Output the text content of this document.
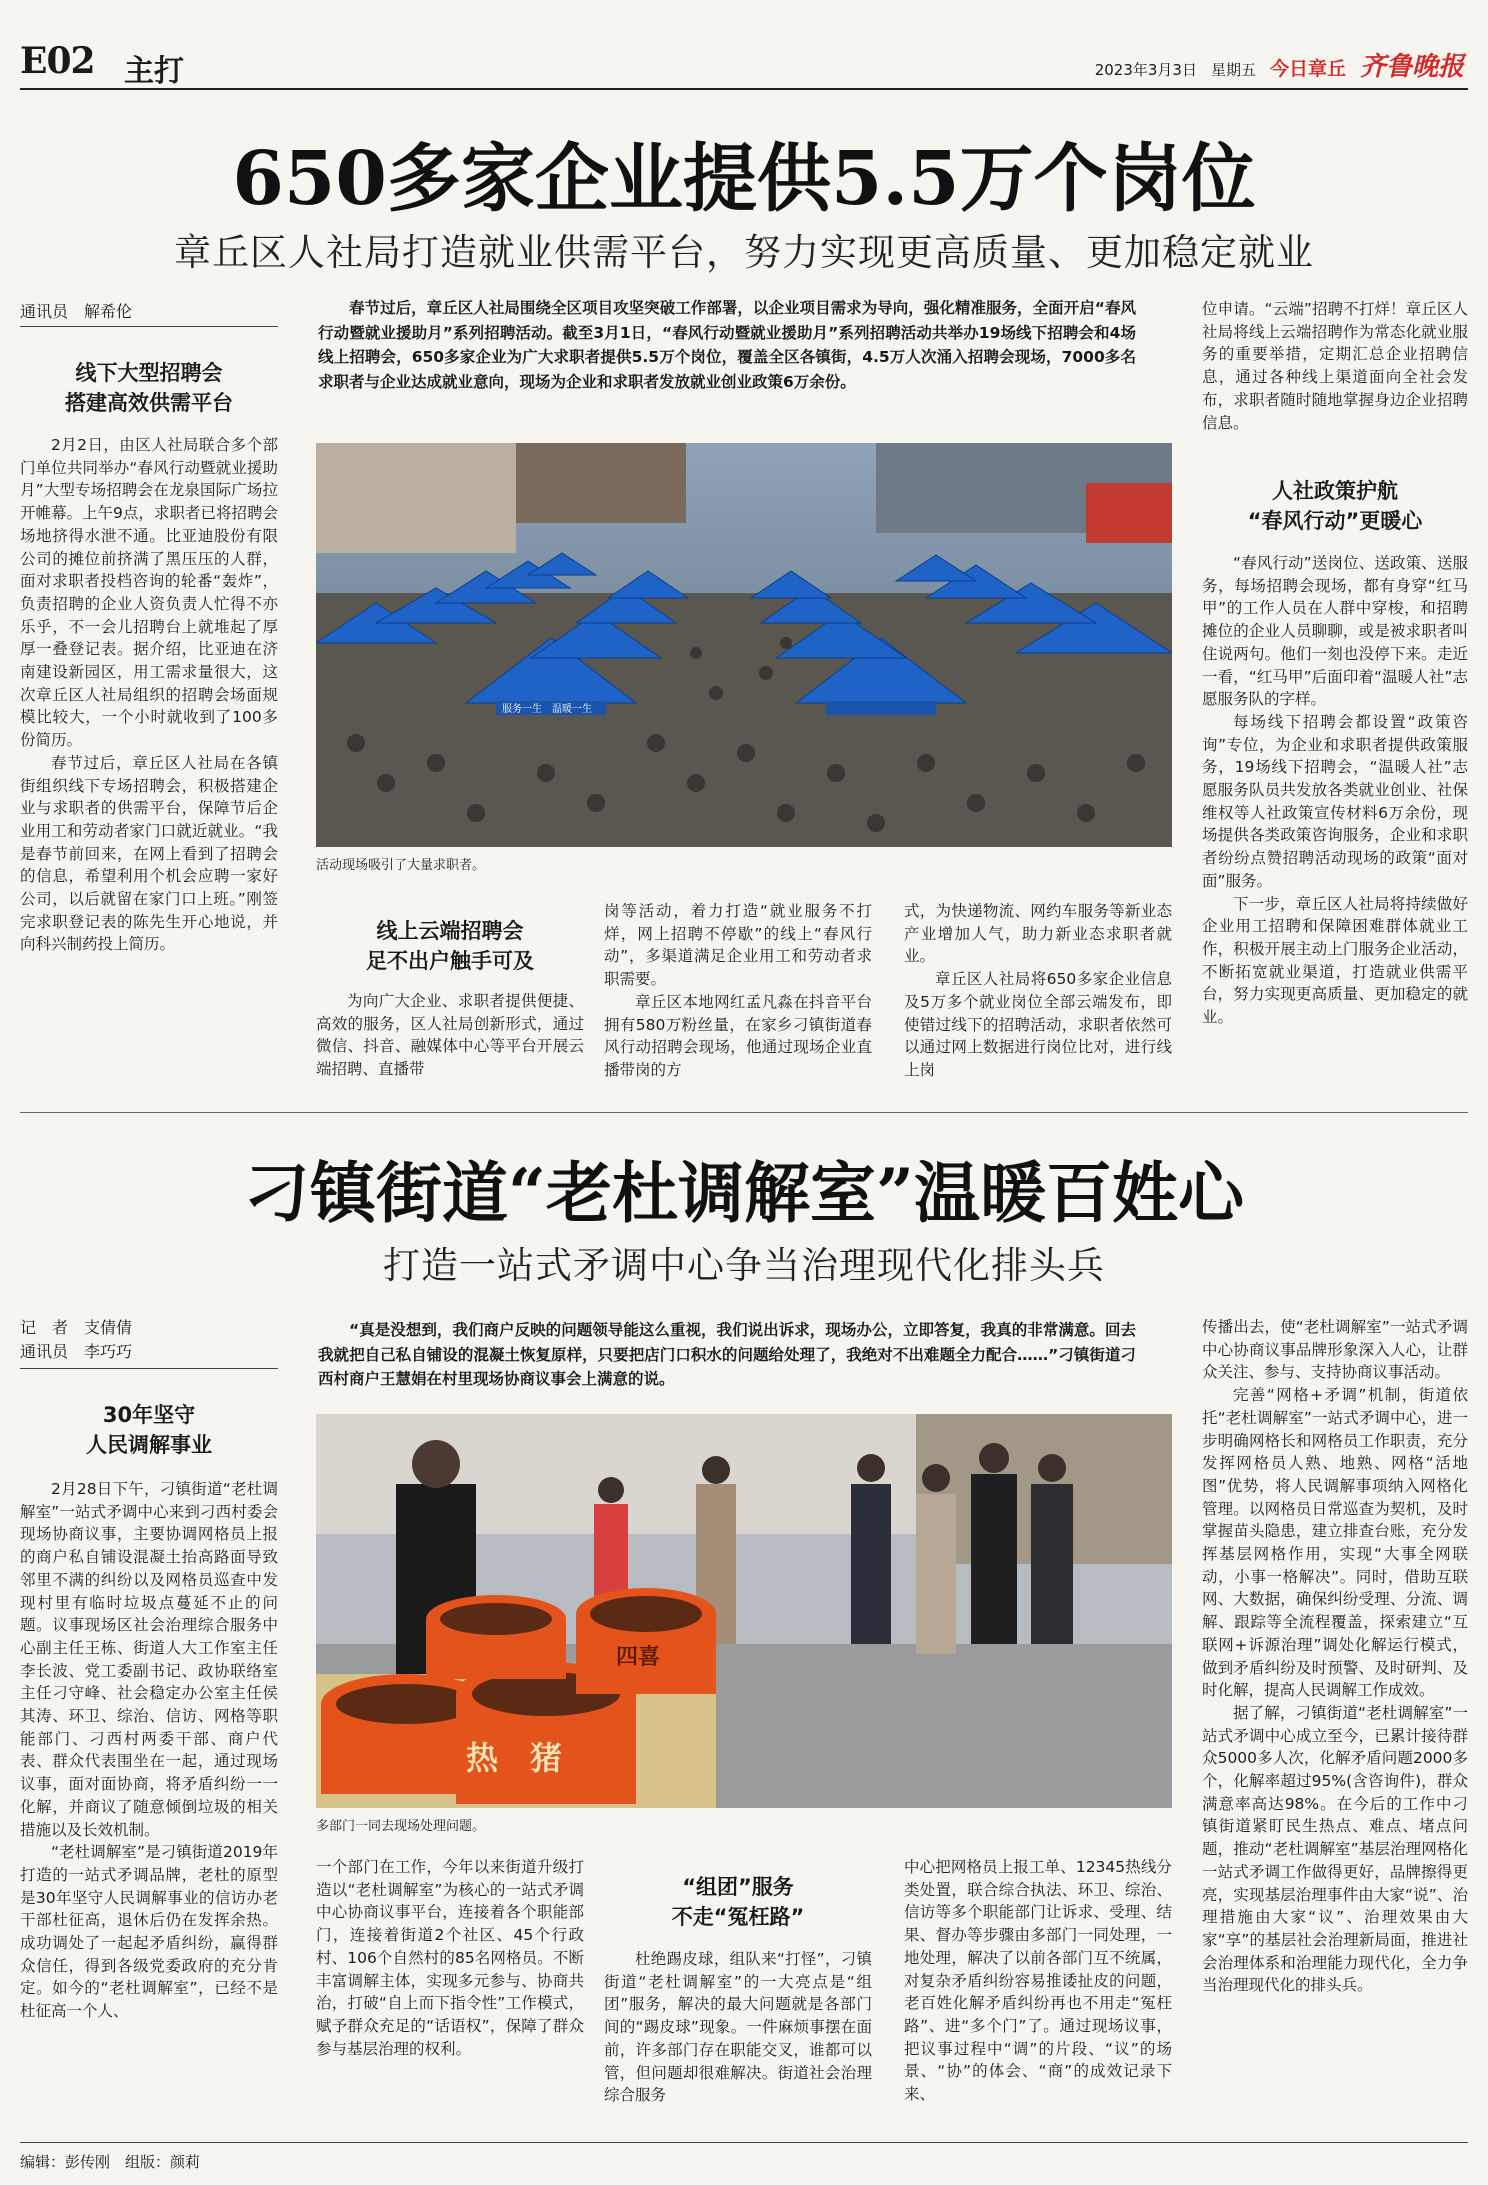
E02 主打	2023年3月3日 星期五 今日章丘 齐鲁晚报
650多家企业提供5.5万个岗位
章丘区人社局打造就业供需平台，努力实现更高质量、更加稳定就业
通讯员　解希伦
线下大型招聘会
搭建高效供需平台

2月2日，由区人社局联合多个部门单位共同举办“春风行动暨就业援助月”大型专场招聘会在龙泉国际广场拉开帷幕。上午9点，求职者已将招聘会场地挤得水泄不通。比亚迪股份有限公司的摊位前挤满了黑压压的人群，面对求职者投档咨询的轮番“轰炸”，负责招聘的企业人资负责人忙得不亦乐乎，不一会儿招聘台上就堆起了厚厚一叠登记表。据介绍，比亚迪在济南建设新园区，用工需求量很大，这次章丘区人社局组织的招聘会场面规模比较大，一个小时就收到了100多份简历。

春节过后，章丘区人社局在各镇街组织线下专场招聘会，积极搭建企业与求职者的供需平台，保障节后企业用工和劳动者家门口就近就业。“我是春节前回来，在网上看到了招聘会的信息，希望利用个机会应聘一家好公司，以后就留在家门口上班。”刚签完求职登记表的陈先生开心地说，并向科兴制药投上简历。

春节过后，章丘区人社局围绕全区项目攻坚突破工作部署，以企业项目需求为导向，强化精准服务，全面开启“春风行动暨就业援助月”系列招聘活动。截至3月1日，“春风行动暨就业援助月”系列招聘活动共举办19场线下招聘会和4场线上招聘会，650多家企业为广大求职者提供5.5万个岗位，覆盖全区各镇街，4.5万人次涌入招聘会现场，7000多名求职者与企业达成就业意向，现场为企业和求职者发放就业创业政策6万余份。
服务一生　温暖一生
活动现场吸引了大量求职者。
线上云端招聘会
足不出户触手可及

为向广大企业、求职者提供便捷、高效的服务，区人社局创新形式，通过微信、抖音、融媒体中心等平台开展云端招聘、直播带

岗等活动，着力打造“就业服务不打烊，网上招聘不停歇”的线上“春风行动”，多渠道满足企业用工和劳动者求职需要。

章丘区本地网红孟凡淼在抖音平台拥有580万粉丝量，在家乡刁镇街道春风行动招聘会现场，他通过现场企业直播带岗的方

式，为快递物流、网约车服务等新业态产业增加人气，助力新业态求职者就业。

章丘区人社局将650多家企业信息及5万多个就业岗位全部云端发布，即使错过线下的招聘活动，求职者依然可以通过网上数据进行岗位比对，进行线上岗

位申请。“云端”招聘不打烊！章丘区人社局将线上云端招聘作为常态化就业服务的重要举措，定期汇总企业招聘信息，通过各种线上渠道面向全社会发布，求职者随时随地掌握身边企业招聘信息。

人社政策护航
“春风行动”更暖心

“春风行动”送岗位、送政策、送服务，每场招聘会现场，都有身穿“红马甲”的工作人员在人群中穿梭，和招聘摊位的企业人员聊聊，或是被求职者叫住说两句。他们一刻也没停下来。走近一看，“红马甲”后面印着“温暖人社”志愿服务队的字样。

每场线下招聘会都设置“政策咨询”专位，为企业和求职者提供政策服务，19场线下招聘会，“温暖人社”志愿服务队员共发放各类就业创业、社保维权等人社政策宣传材料6万余份，现场提供各类政策咨询服务，企业和求职者纷纷点赞招聘活动现场的政策“面对面”服务。

下一步，章丘区人社局将持续做好企业用工招聘和保障困难群体就业工作，积极开展主动上门服务企业活动，不断拓宽就业渠道，打造就业供需平台，努力实现更高质量、更加稳定的就业。

刁镇街道“老杜调解室”温暖百姓心
打造一站式矛调中心争当治理现代化排头兵
记　者　支倩倩
通讯员　李巧巧
30年坚守
人民调解事业

2月28日下午，刁镇街道“老杜调解室”一站式矛调中心来到刁西村委会现场协商议事，主要协调网格员上报的商户私自铺设混凝土抬高路面导致邻里不满的纠纷以及网格员巡查中发现村里有临时垃圾点蔓延不止的问题。议事现场区社会治理综合服务中心副主任王栋、街道人大工作室主任李长波、党工委副书记、政协联络室主任刁守峰、社会稳定办公室主任侯其涛、环卫、综治、信访、网格等职能部门、刁西村两委干部、商户代表、群众代表围坐在一起，通过现场议事，面对面协商，将矛盾纠纷一一化解，并商议了随意倾倒垃圾的相关措施以及长效机制。

“老杜调解室”是刁镇街道2019年打造的一站式矛调品牌，老杜的原型是30年坚守人民调解事业的信访办老干部杜征高，退休后仍在发挥余热。成功调处了一起起矛盾纠纷，赢得群众信任，得到各级党委政府的充分肯定。如今的“老杜调解室”，已经不是杜征高一个人、

“真是没想到，我们商户反映的问题领导能这么重视，我们说出诉求，现场办公，立即答复，我真的非常满意。回去我就把自己私自铺设的混凝土恢复原样，只要把店门口积水的问题给处理了，我绝对不出难题全力配合……”刁镇街道刁西村商户王慧娟在村里现场协商议事会上满意的说。
热　猪
四喜
多部门一同去现场处理问题。

一个部门在工作，今年以来街道升级打造以“老杜调解室”为核心的一站式矛调中心协商议事平台，连接着各个职能部门，连接着街道2个社区、45个行政村、106个自然村的85名网格员。不断丰富调解主体，实现多元参与、协商共治，打破“自上而下指令性”工作模式，赋予群众充足的“话语权”，保障了群众参与基层治理的权利。

“组团”服务
不走“冤枉路”

杜绝踢皮球，组队来“打怪”，刁镇街道“老杜调解室”的一大亮点是“组团”服务，解决的最大问题就是各部门间的“踢皮球”现象。一件麻烦事摆在面前，许多部门存在职能交叉，谁都可以管，但问题却很难解决。街道社会治理综合服务

中心把网格员上报工单、12345热线分类处置，联合综合执法、环卫、综治、信访等多个职能部门让诉求、受理、结果、督办等步骤由多部门一同处理，一地处理，解决了以前各部门互不统属，对复杂矛盾纠纷容易推诿扯皮的问题，老百姓化解矛盾纠纷再也不用走“冤枉路”、进“多个门”了。通过现场议事，把议事过程中“调”的片段、“议”的场景、“协”的体会、“商”的成效记录下来、

传播出去，使“老杜调解室”一站式矛调中心协商议事品牌形象深入人心，让群众关注、参与、支持协商议事活动。

完善“网格+矛调”机制，街道依托“老杜调解室”一站式矛调中心，进一步明确网格长和网格员工作职责，充分发挥网格员人熟、地熟、网格“活地图”优势，将人民调解事项纳入网格化管理。以网格员日常巡查为契机，及时掌握苗头隐患，建立排查台账，充分发挥基层网格作用，实现“大事全网联动，小事一格解决”。同时，借助互联网、大数据，确保纠纷受理、分流、调解、跟踪等全流程覆盖，探索建立“互联网+诉源治理”调处化解运行模式，做到矛盾纠纷及时预警、及时研判、及时化解，提高人民调解工作成效。

据了解，刁镇街道“老杜调解室”一站式矛调中心成立至今，已累计接待群众5000多人次，化解矛盾问题2000多个，化解率超过95%(含咨询件)，群众满意率高达98%。在今后的工作中刁镇街道紧盯民生热点、难点、堵点问题，推动“老杜调解室”基层治理网格化一站式矛调工作做得更好，品牌擦得更亮，实现基层治理事件由大家“说”、治理措施由大家“议”、治理效果由大家“享”的基层社会治理新局面，推进社会治理体系和治理能力现代化，全力争当治理现代化的排头兵。

编辑：彭传刚　组版：颜莉
